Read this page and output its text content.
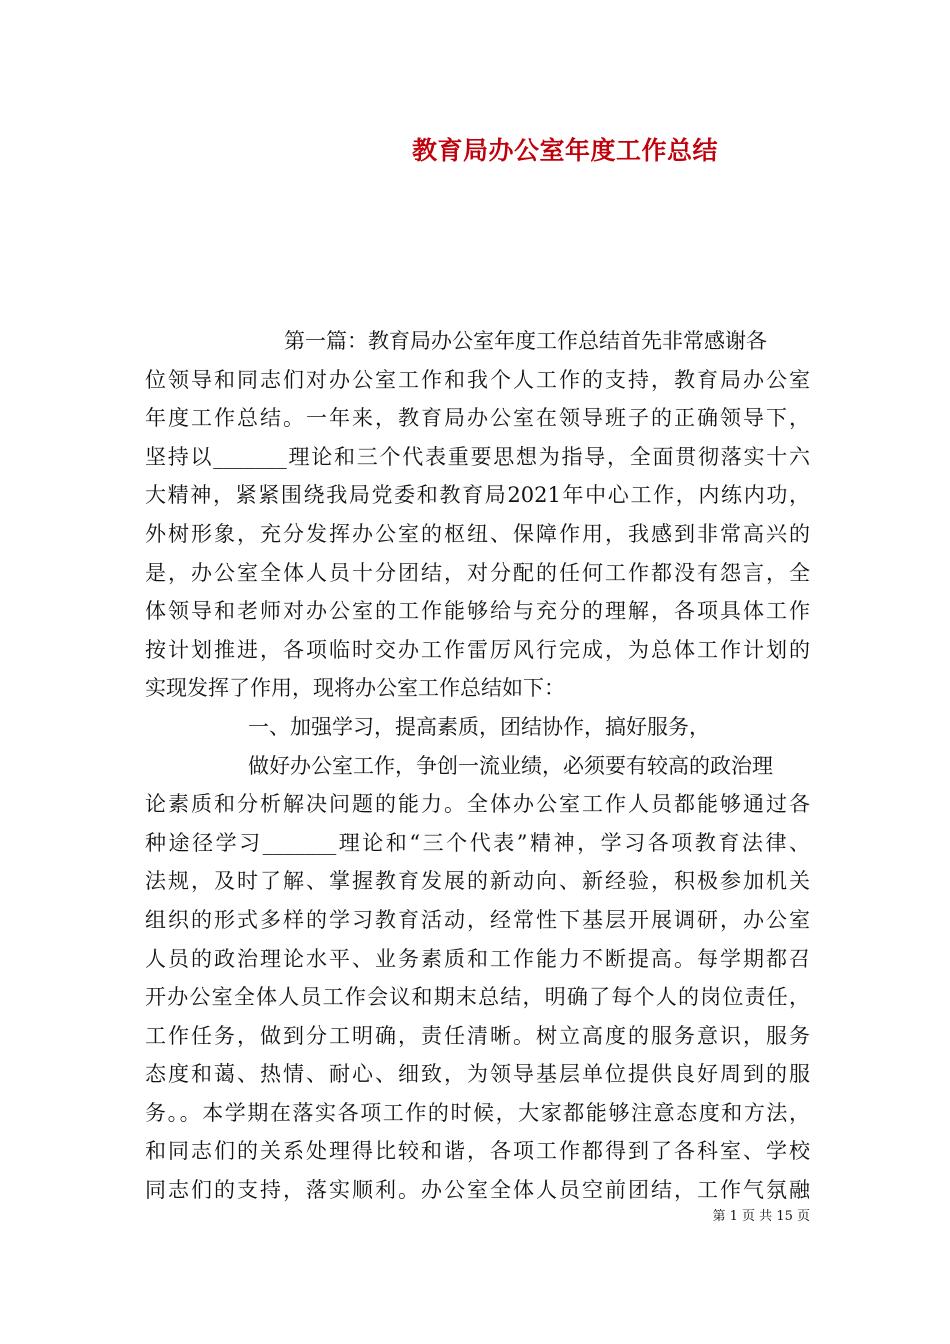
教育局办公室年度工作总结
第一篇：教育局办公室年度工作总结首先非常感谢各
位领导和同志们对办公室工作和我个人工作的支持，教育局办公室
年度工作总结。一年来，教育局办公室在领导班子的正确领导下，
坚持以_______理论和三个代表重要思想为指导，全面贯彻落实十六
大精神，紧紧围绕我局党委和教育局2021年中心工作，内练内功，
外树形象，充分发挥办公室的枢纽、保障作用，我感到非常高兴的
是，办公室全体人员十分团结，对分配的任何工作都没有怨言，全
体领导和老师对办公室的工作能够给与充分的理解，各项具体工作
按计划推进，各项临时交办工作雷厉风行完成，为总体工作计划的
实现发挥了作用，现将办公室工作总结如下：
一、加强学习，提高素质，团结协作，搞好服务，
做好办公室工作，争创一流业绩，必须要有较高的政治理
论素质和分析解决问题的能力。全体办公室工作人员都能够通过各
种途径学习_______理论和“三个代表”精神，学习各项教育法律、
法规，及时了解、掌握教育发展的新动向、新经验，积极参加机关
组织的形式多样的学习教育活动，经常性下基层开展调研，办公室
人员的政治理论水平、业务素质和工作能力不断提高。每学期都召
开办公室全体人员工作会议和期末总结，明确了每个人的岗位责任，
工作任务，做到分工明确，责任清晰。树立高度的服务意识，服务
态度和蔼、热情、耐心、细致，为领导基层单位提供良好周到的服
务。。本学期在落实各项工作的时候，大家都能够注意态度和方法，
和同志们的关系处理得比较和谐，各项工作都得到了各科室、学校
同志们的支持，落实顺利。办公室全体人员空前团结，工作气氛融
第 1 页 共 15 页
